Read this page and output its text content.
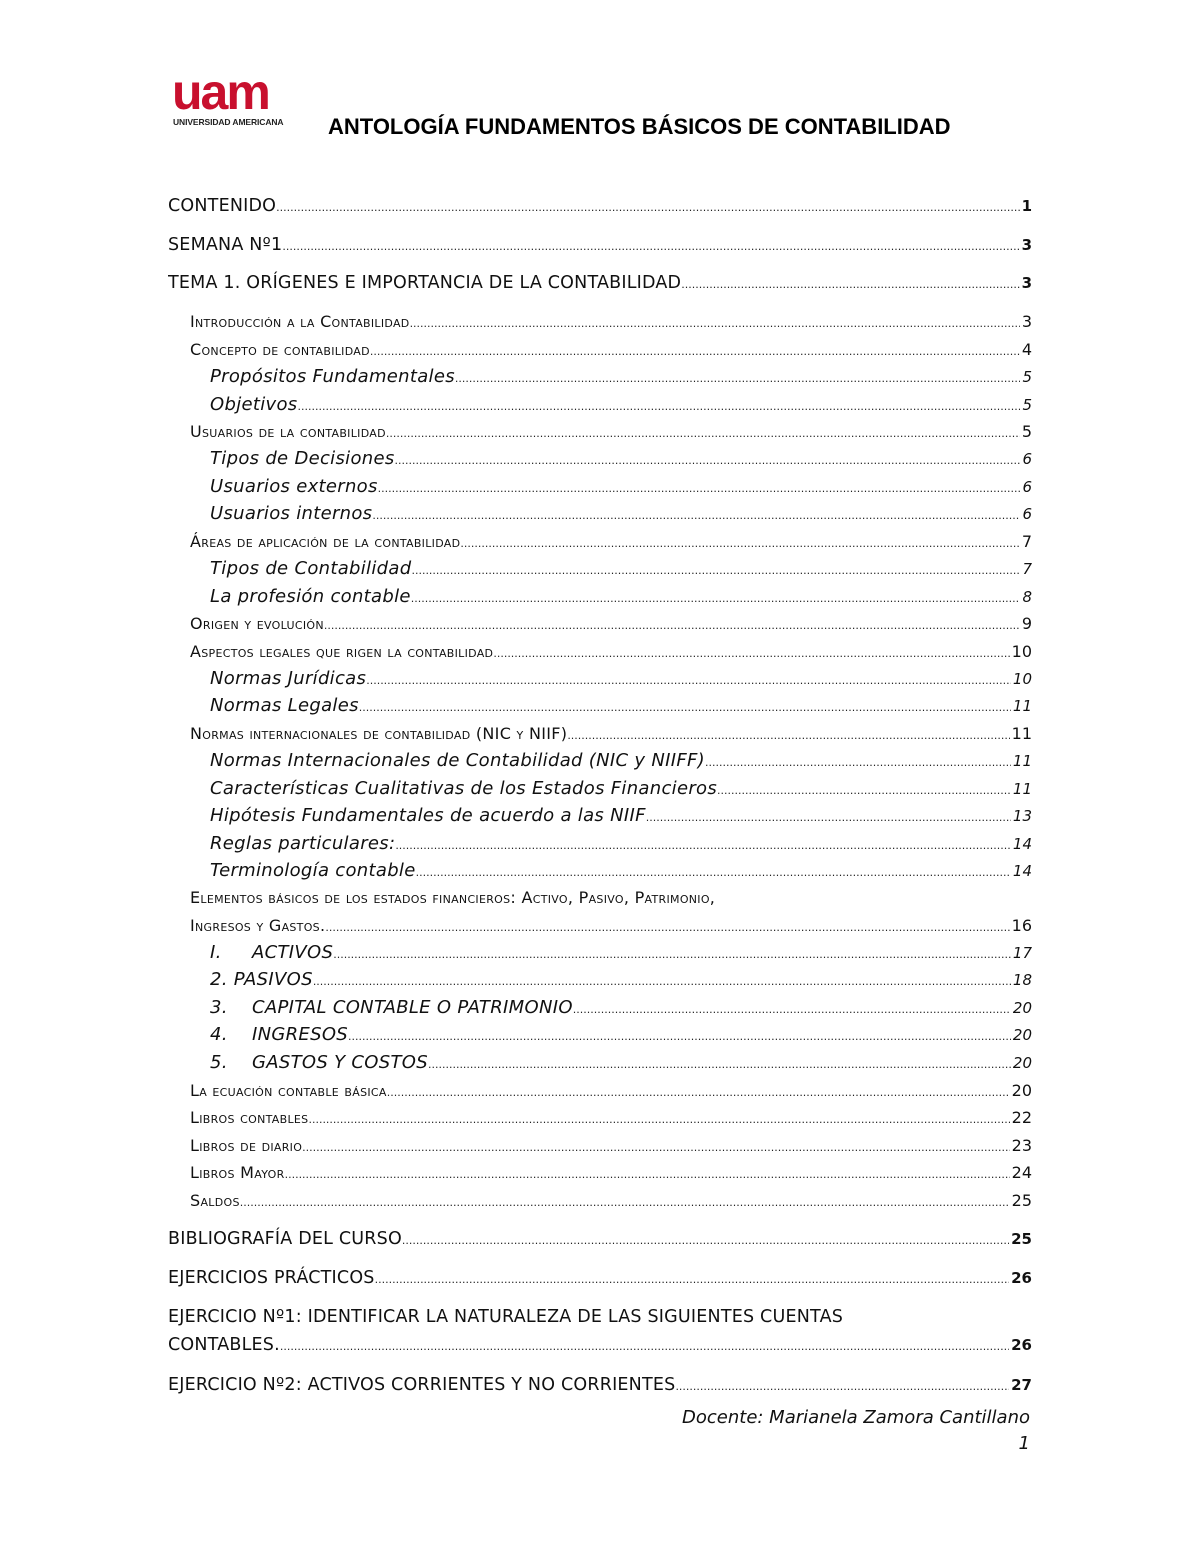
uam
UNIVERSIDAD AMERICANA ANTOLOGÍA FUNDAMENTOS BÁSICOS DE CONTABILIDAD
CONTENIDO .....	1
SEMANA Nº1 .....	3
TEMA 1. ORÍGENES E IMPORTANCIA DE LA CONTABILIDAD .....	3
Introducción a la Contabilidad .....	3
Concepto de contabilidad .....	4
Propósitos Fundamentales .....	5
Objetivos .....	5
Usuarios de la contabilidad .....	5
Tipos de Decisiones .....	6
Usuarios externos .....	6
Usuarios internos .....	6
Áreas de aplicación de la contabilidad .....	7
Tipos de Contabilidad .....	7
La profesión contable .....	8
Origen y evolución .....	9
Aspectos legales que rigen la contabilidad .....	10
Normas Jurídicas .....	10
Normas Legales .....	11
Normas internacionales de contabilidad (NIC y NIIF) .....	11
Normas Internacionales de Contabilidad (NIC y NIIFF) .....	11
Características Cualitativas de los Estados Financieros .....	11
Hipótesis Fundamentales de acuerdo a las NIIF .....	13
Reglas particulares: .....	14
Terminología contable .....	14
Elementos básicos de los estados financieros: Activo, Pasivo, Patrimonio,
Ingresos y Gastos. .....	16
I. ACTIVOS .....	17
2. PASIVOS .....	18
3. CAPITAL CONTABLE O PATRIMONIO .....	20
4. INGRESOS .....	20
5. GASTOS Y COSTOS .....	20
La ecuación contable básica .....	20
Libros contables .....	22
Libros de diario .....	23
Libros Mayor .....	24
Saldos .....	25
BIBLIOGRAFÍA DEL CURSO .....	25
EJERCICIOS PRÁCTICOS .....	26
EJERCICIO Nº1: IDENTIFICAR LA NATURALEZA DE LAS SIGUIENTES CUENTAS
CONTABLES. .....	26
EJERCICIO Nº2: ACTIVOS CORRIENTES Y NO CORRIENTES .....	27
Docente: Marianela Zamora Cantillano
1
